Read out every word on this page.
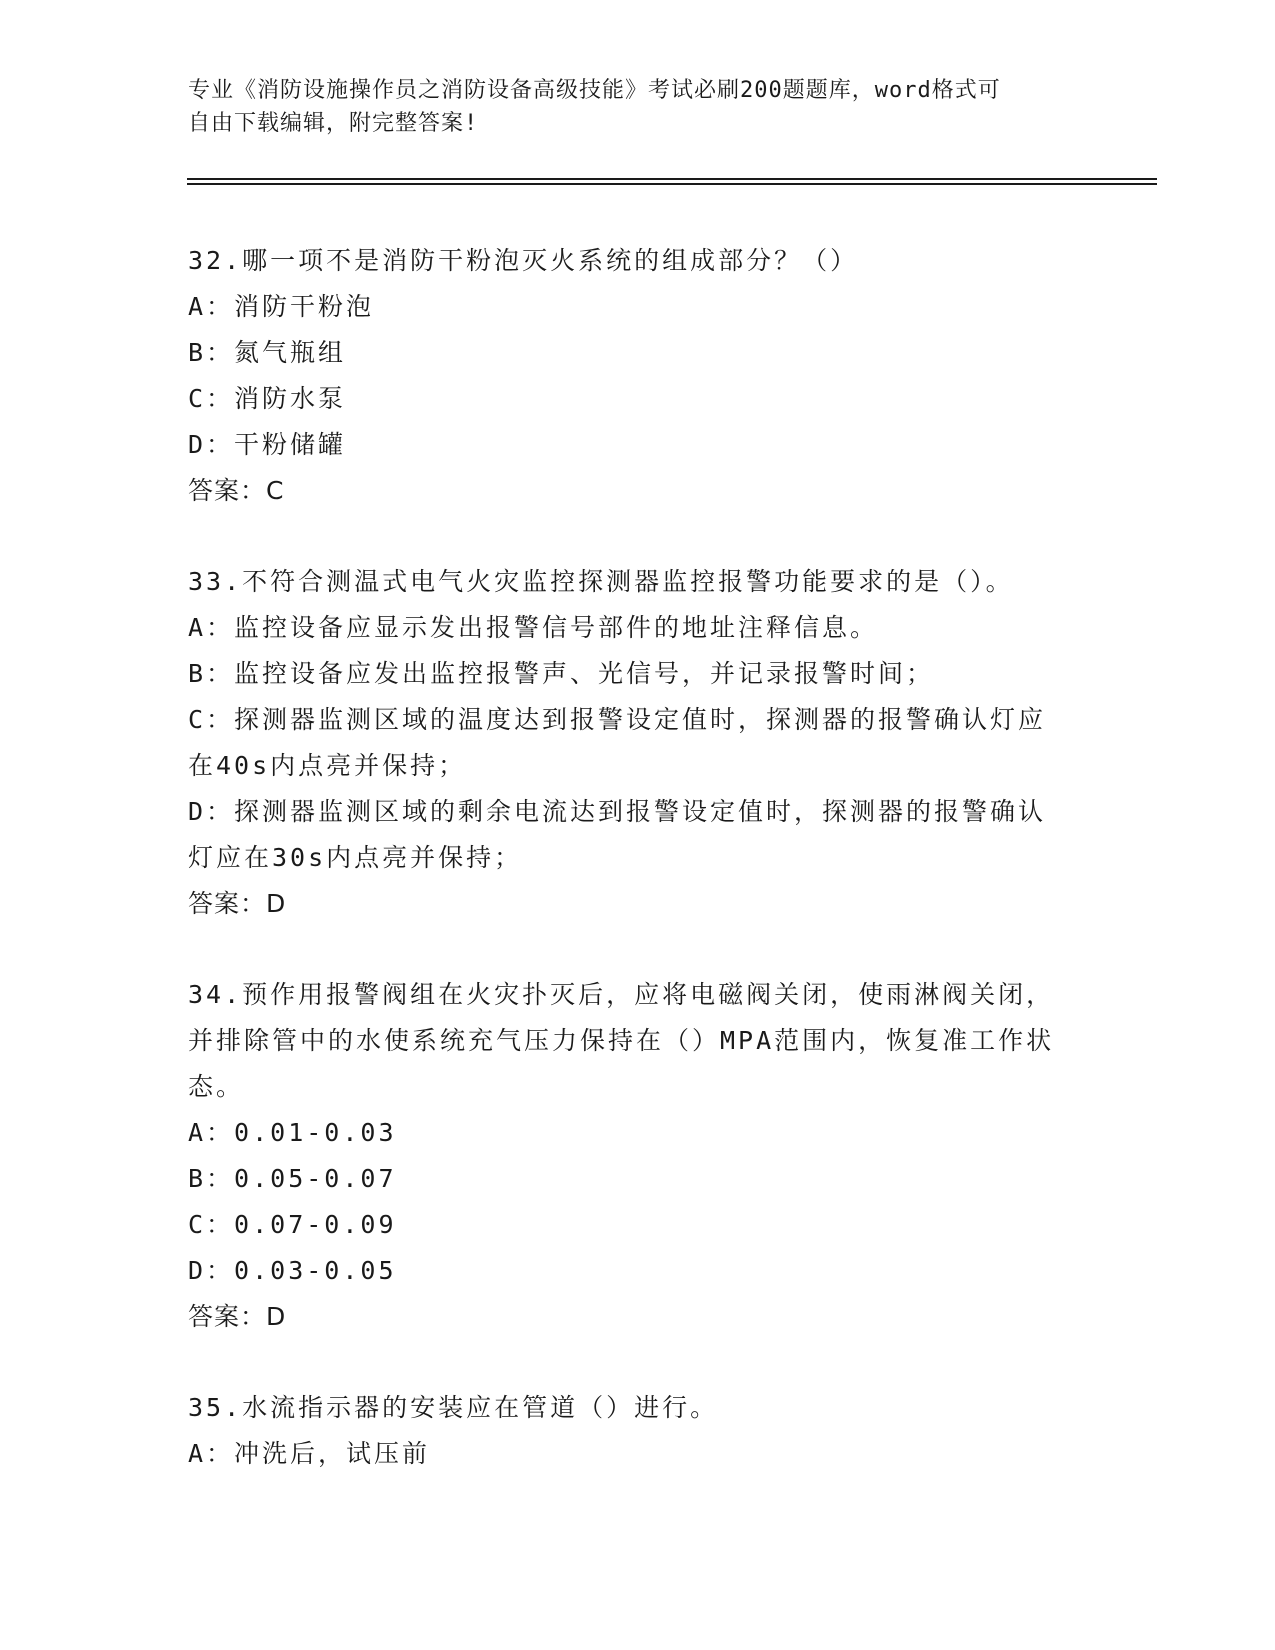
专业《消防设施操作员之消防设备高级技能》考试必刷200题题库，word格式可
自由下载编辑，附完整答案!
32.哪一项不是消防干粉泡灭火系统的组成部分？（）
A：消防干粉泡
B：氮气瓶组
C：消防水泵
D：干粉储罐
答案：C
33.不符合测温式电气火灾监控探测器监控报警功能要求的是（）。
A：监控设备应显示发出报警信号部件的地址注释信息。
B：监控设备应发出监控报警声、光信号，并记录报警时间；
C：探测器监测区域的温度达到报警设定值时，探测器的报警确认灯应
在40s内点亮并保持；
D：探测器监测区域的剩余电流达到报警设定值时，探测器的报警确认
灯应在30s内点亮并保持；
答案：D
34.预作用报警阀组在火灾扑灭后，应将电磁阀关闭，使雨淋阀关闭，
并排除管中的水使系统充气压力保持在（）MPA范围内，恢复准工作状
态。
A：0.01-0.03
B：0.05-0.07
C：0.07-0.09
D：0.03-0.05
答案：D
35.水流指示器的安装应在管道（）进行。
A：冲洗后，试压前
